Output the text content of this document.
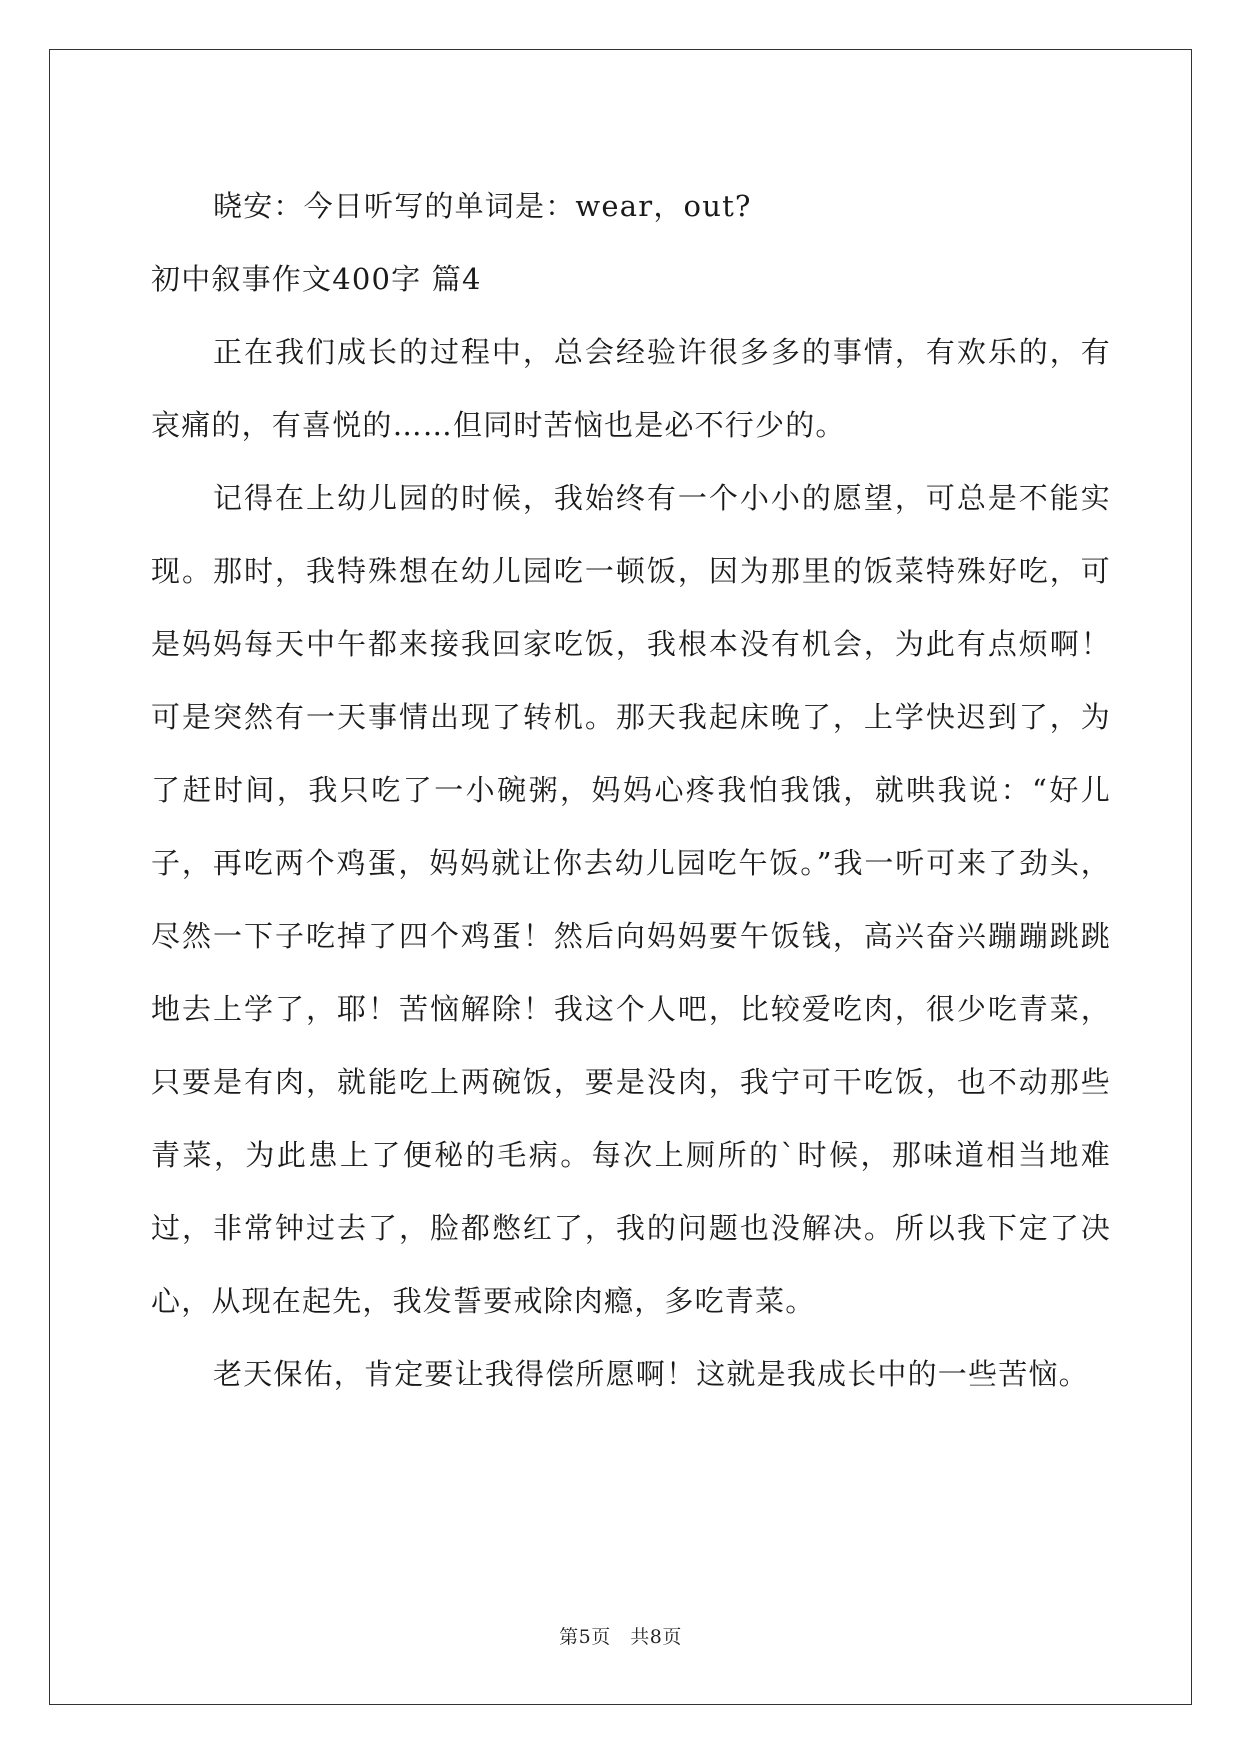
晓安：今日听写的单词是：wear，out?

初中叙事作文400字 篇4

正在我们成长的过程中，总会经验许很多多的事情，有欢乐的，有哀痛的，有喜悦的……但同时苦恼也是必不行少的。

记得在上幼儿园的时候，我始终有一个小小的愿望，可总是不能实现。那时，我特殊想在幼儿园吃一顿饭，因为那里的饭菜特殊好吃，可是妈妈每天中午都来接我回家吃饭，我根本没有机会，为此有点烦啊！可是突然有一天事情出现了转机。那天我起床晚了，上学快迟到了，为了赶时间，我只吃了一小碗粥，妈妈心疼我怕我饿，就哄我说：“好儿子，再吃两个鸡蛋，妈妈就让你去幼儿园吃午饭。”我一听可来了劲头，尽然一下子吃掉了四个鸡蛋！然后向妈妈要午饭钱，高兴奋兴蹦蹦跳跳地去上学了，耶！苦恼解除！我这个人吧，比较爱吃肉，很少吃青菜，只要是有肉，就能吃上两碗饭，要是没肉，我宁可干吃饭，也不动那些青菜，为此患上了便秘的毛病。每次上厕所的`时候，那味道相当地难过，非常钟过去了，脸都憋红了，我的问题也没解决。所以我下定了决心，从现在起先，我发誓要戒除肉瘾，多吃青菜。

老天保佑，肯定要让我得偿所愿啊！这就是我成长中的一些苦恼。

第5页　共8页
